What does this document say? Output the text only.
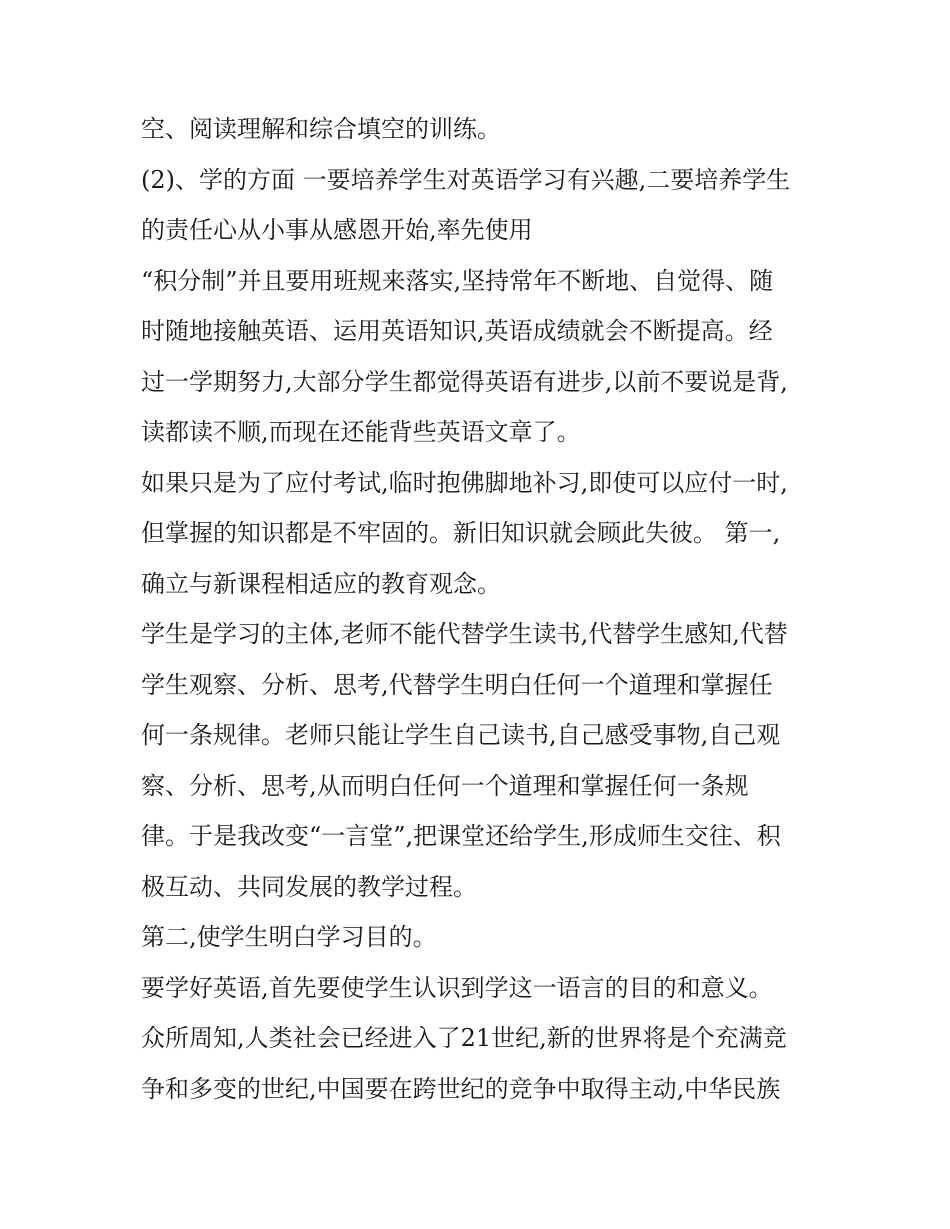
空、阅读理解和综合填空的训练。
(2)、学的方面 一要培养学生对英语学习有兴趣,二要培养学生
的责任心从小事从感恩开始,率先使用
“积分制”并且要用班规来落实,坚持常年不断地、自觉得、随
时随地接触英语、运用英语知识,英语成绩就会不断提高。经
过一学期努力,大部分学生都觉得英语有进步,以前不要说是背,
读都读不顺,而现在还能背些英语文章了。
如果只是为了应付考试,临时抱佛脚地补习,即使可以应付一时,
但掌握的知识都是不牢固的。新旧知识就会顾此失彼。 第一,
确立与新课程相适应的教育观念。
学生是学习的主体,老师不能代替学生读书,代替学生感知,代替
学生观察、分析、思考,代替学生明白任何一个道理和掌握任
何一条规律。老师只能让学生自己读书,自己感受事物,自己观
察、分析、思考,从而明白任何一个道理和掌握任何一条规
律。于是我改变“一言堂”,把课堂还给学生,形成师生交往、积
极互动、共同发展的教学过程。
第二,使学生明白学习目的。
要学好英语,首先要使学生认识到学这一语言的目的和意义。
众所周知,人类社会已经进入了21世纪,新的世界将是个充满竞
争和多变的世纪,中国要在跨世纪的竞争中取得主动,中华民族
